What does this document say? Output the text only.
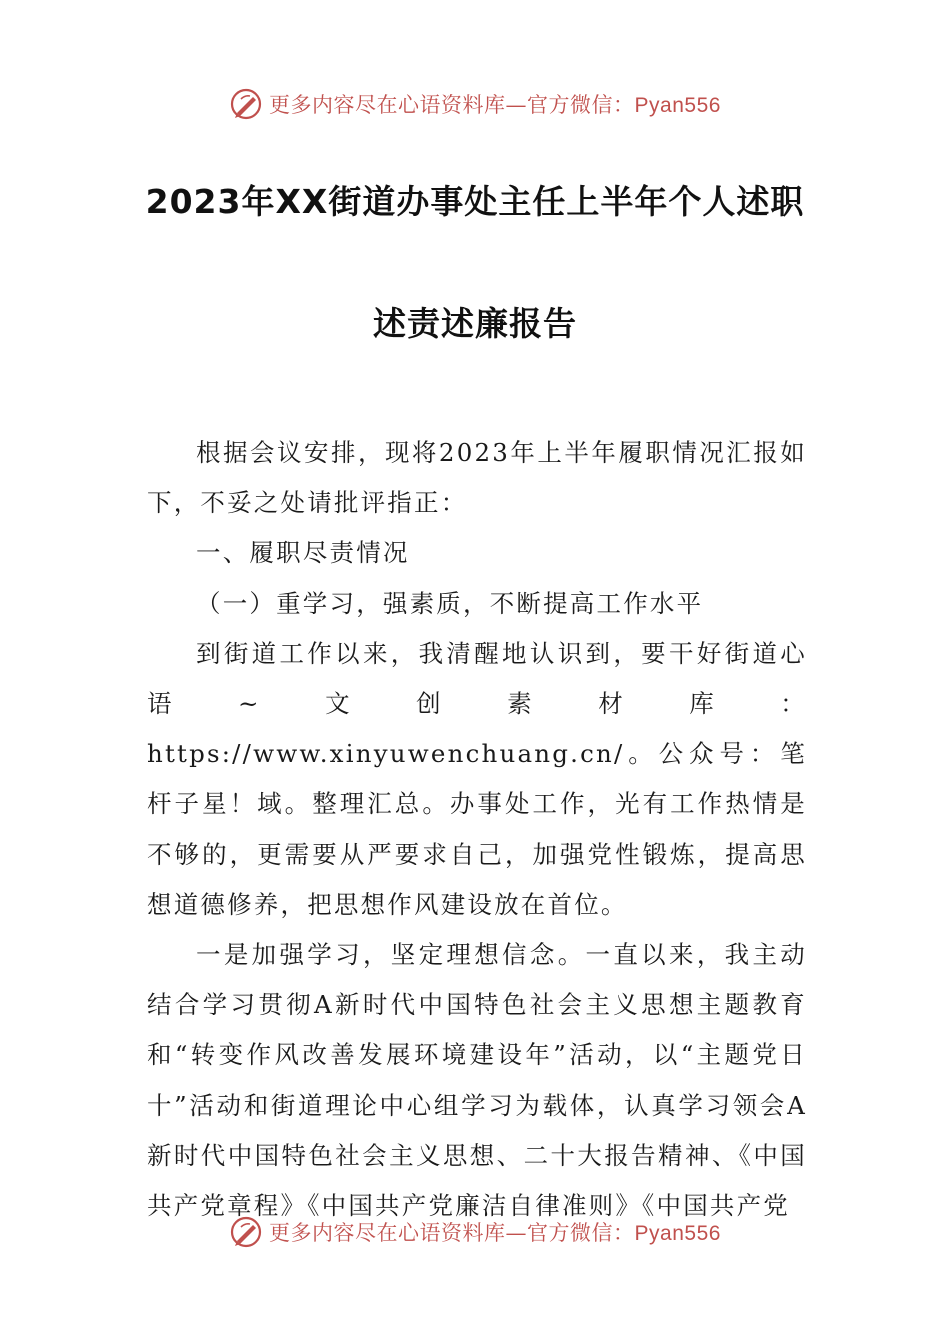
更多内容尽在心语资料库—官方微信：Pyan556
2023年XX街道办事处主任上半年个人述职
述责述廉报告

根据会议安排，现将2023年上半年履职情况汇报如下，不妥之处请批评指正：

一、履职尽责情况

（一）重学习，强素质，不断提高工作水平

到街道工作以来，我清醒地认识到，要干好街道心语~文创素材库：https://www.xinyuwenchuang.cn/。公众号：笔杆子星！域。整理汇总。办事处工作，光有工作热情是不够的，更需要从严要求自己，加强党性锻炼，提高思想道德修养，把思想作风建设放在首位。

一是加强学习，坚定理想信念。一直以来，我主动结合学习贯彻A新时代中国特色社会主义思想主题教育和“转变作风改善发展环境建设年”活动，以“主题党日十”活动和街道理论中心组学习为载体，认真学习领会A新时代中国特色社会主义思想、二十大报告精神、《中国共产党章程》《中国共产党廉洁自律准则》《中国共产党

更多内容尽在心语资料库—官方微信：Pyan556
